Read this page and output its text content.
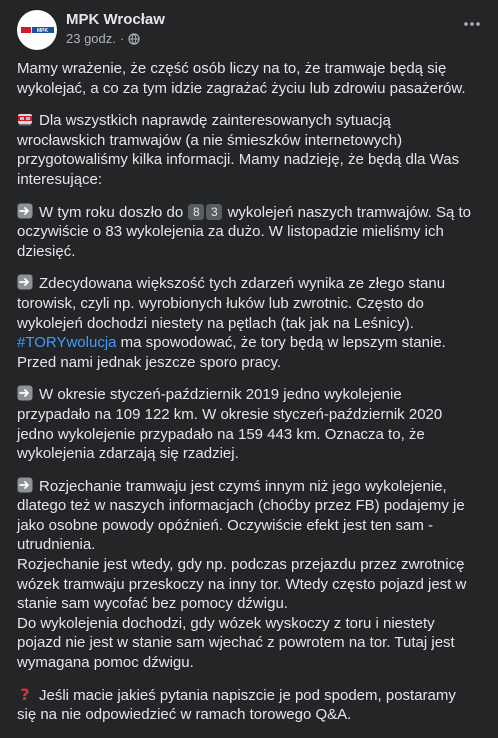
MPK
MPK Wrocław
23 godz. ·

Mamy wrażenie, że część osób liczy na to, że tramwaje będą się wykolejać, a co za tym idzie zagrażać życiu lub zdrowiu pasażerów.

Dla wszystkich naprawdę zainteresowanych sytuacją wrocławskich tramwajów (a nie śmieszków internetowych) przygotowaliśmy kilka informacji. Mamy nadzieję, że będą dla Was interesujące:

W tym roku doszło do 8 3 wykolejeń naszych tramwajów. Są to oczywiście o 83 wykolejenia za dużo. W listopadzie mieliśmy ich dziesięć.

Zdecydowana większość tych zdarzeń wynika ze złego stanu torowisk, czyli np. wyrobionych łuków lub zwrotnic. Często do wykolejeń dochodzi niestety na pętlach (tak jak na Leśnicy). #TORYwolucja ma spowodować, że tory będą w lepszym stanie. Przed nami jednak jeszcze sporo pracy.

W okresie styczeń-październik 2019 jedno wykolejenie przypadało na 109 122 km. W okresie styczeń-październik 2020 jedno wykolejenie przypadało na 159 443 km. Oznacza to, że wykolejenia zdarzają się rzadziej.

Rozjechanie tramwaju jest czymś innym niż jego wykolejenie, dlatego też w naszych informacjach (choćby przez FB) podajemy je jako osobne powody opóźnień. Oczywiście efekt jest ten sam - utrudnienia.

Rozjechanie jest wtedy, gdy np. podczas przejazdu przez zwrotnicę wózek tramwaju przeskoczy na inny tor. Wtedy często pojazd jest w stanie sam wycofać bez pomocy dźwigu.

Do wykolejenia dochodzi, gdy wózek wyskoczy z toru i niestety pojazd nie jest w stanie sam wjechać z powrotem na tor. Tutaj jest wymagana pomoc dźwigu.

? Jeśli macie jakieś pytania napiszcie je pod spodem, postaramy się na nie odpowiedzieć w ramach torowego Q&A.
